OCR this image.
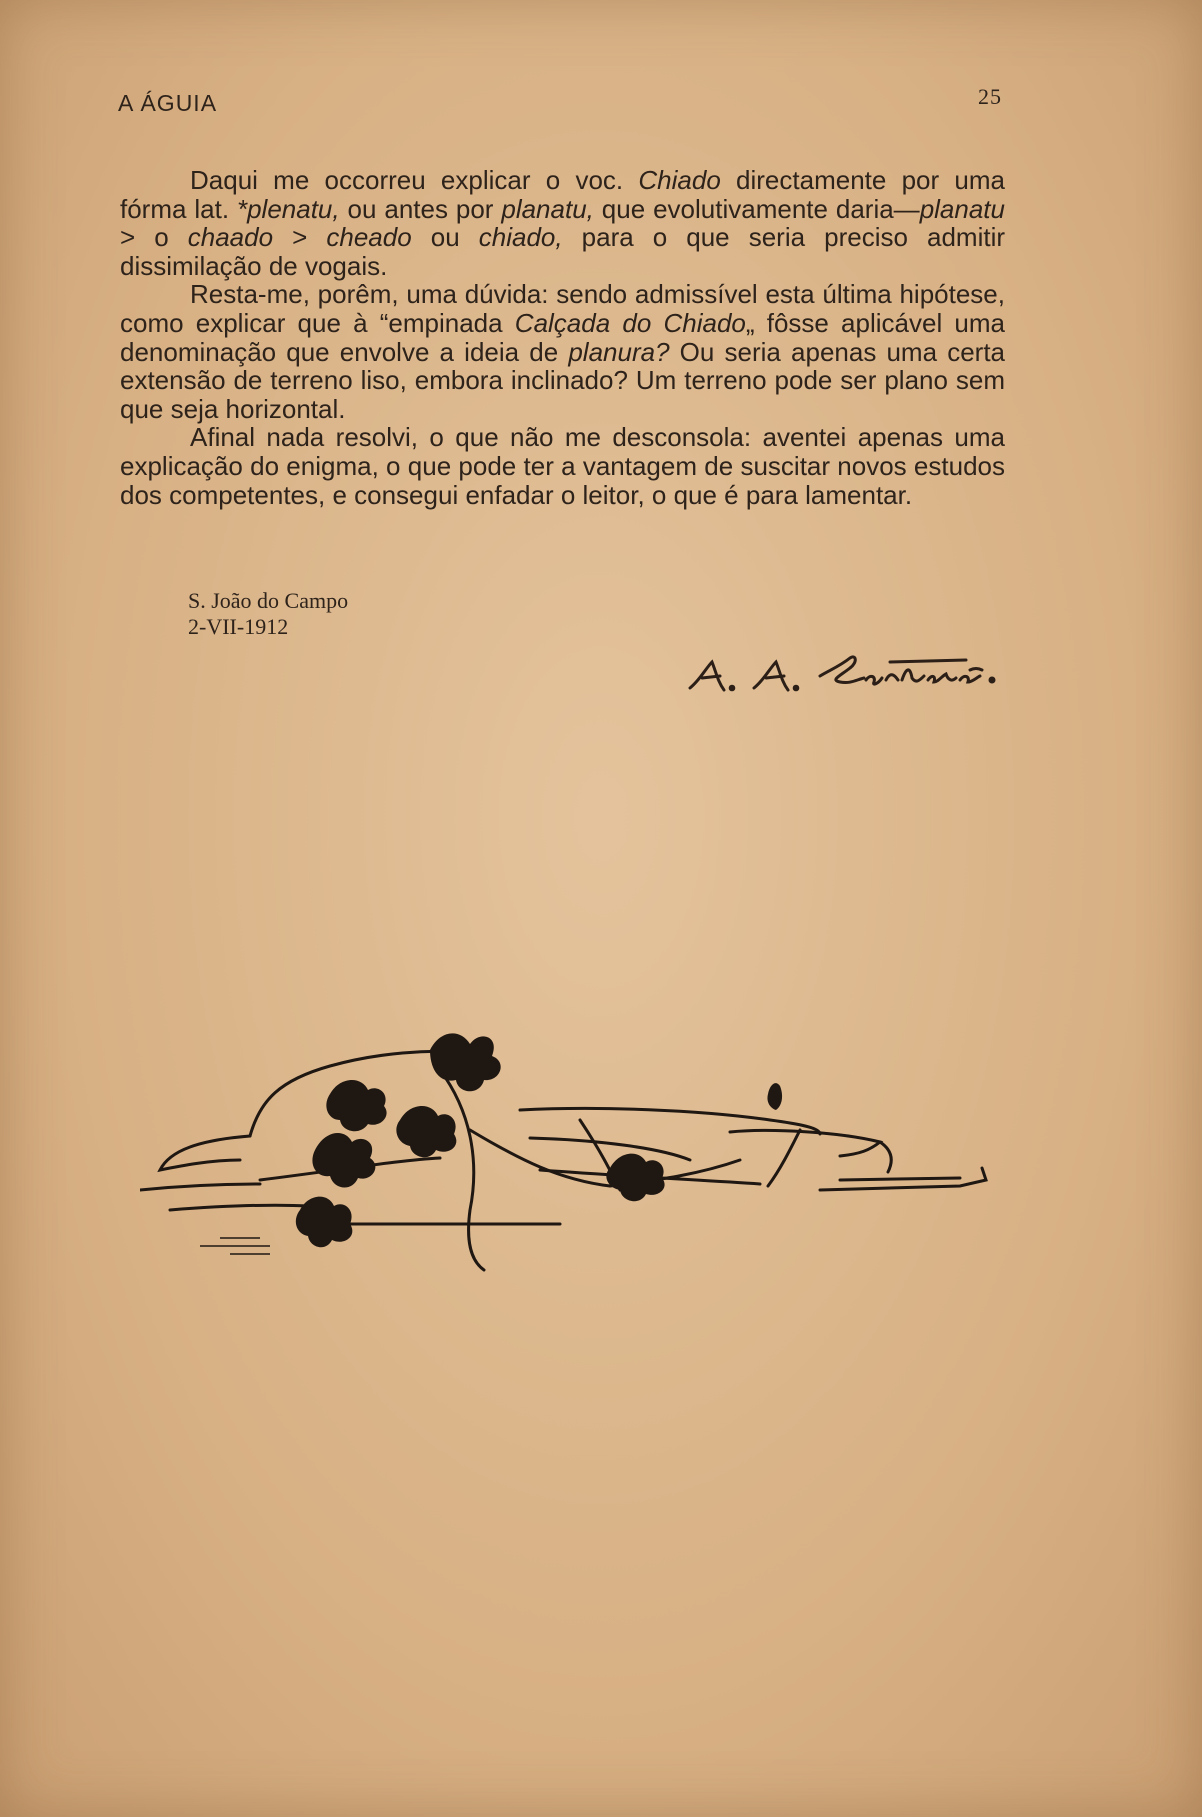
A ÁGUIA	25

Daqui me occorreu explicar o voc. Chiado directamente por uma fórma lat. *plenatu, ou antes por planatu, que evolutivamente daria—planatu > o chaado > cheado ou chiado, para o que seria preciso admitir dissimilação de vogais.

Resta-me, porêm, uma dúvida: sendo admissível esta última hipótese, como explicar que à “empinada Calçada do Chiado„ fôsse aplicável uma denominação que envolve a ideia de planura? Ou seria apenas uma certa extensão de terreno liso, embora inclinado? Um terreno pode ser plano sem que seja horizontal.

Afinal nada resolvi, o que não me desconsola: aventei apenas uma explicação do enigma, o que pode ter a vantagem de suscitar novos estudos dos competentes, e consegui enfadar o leitor, o que é para lamentar.

S. João do Campo
2-VII-1912
